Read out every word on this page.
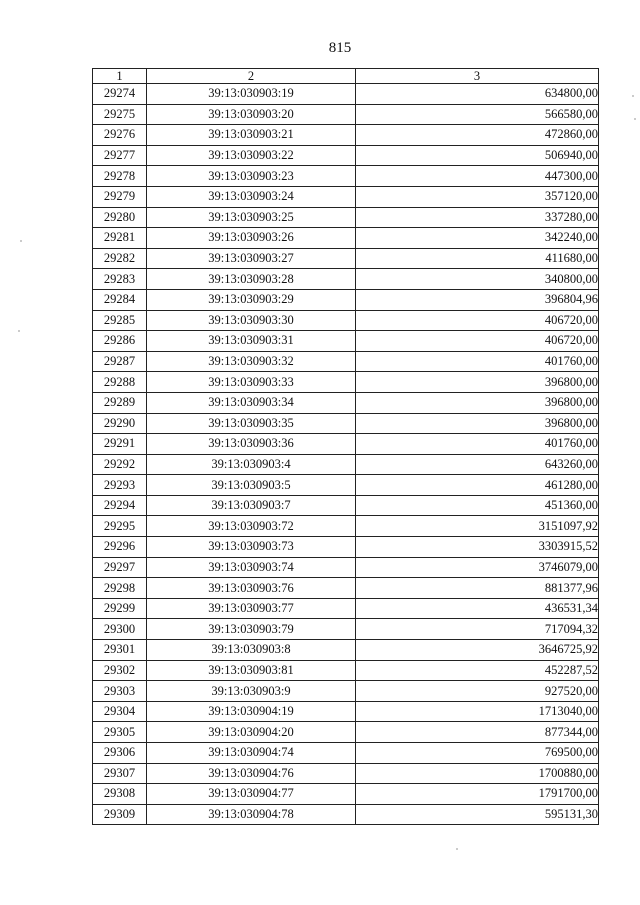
815
1	2	3
29274	39:13:030903:19	634800,00
29275	39:13:030903:20	566580,00
29276	39:13:030903:21	472860,00
29277	39:13:030903:22	506940,00
29278	39:13:030903:23	447300,00
29279	39:13:030903:24	357120,00
29280	39:13:030903:25	337280,00
29281	39:13:030903:26	342240,00
29282	39:13:030903:27	411680,00
29283	39:13:030903:28	340800,00
29284	39:13:030903:29	396804,96
29285	39:13:030903:30	406720,00
29286	39:13:030903:31	406720,00
29287	39:13:030903:32	401760,00
29288	39:13:030903:33	396800,00
29289	39:13:030903:34	396800,00
29290	39:13:030903:35	396800,00
29291	39:13:030903:36	401760,00
29292	39:13:030903:4	643260,00
29293	39:13:030903:5	461280,00
29294	39:13:030903:7	451360,00
29295	39:13:030903:72	3151097,92
29296	39:13:030903:73	3303915,52
29297	39:13:030903:74	3746079,00
29298	39:13:030903:76	881377,96
29299	39:13:030903:77	436531,34
29300	39:13:030903:79	717094,32
29301	39:13:030903:8	3646725,92
29302	39:13:030903:81	452287,52
29303	39:13:030903:9	927520,00
29304	39:13:030904:19	1713040,00
29305	39:13:030904:20	877344,00
29306	39:13:030904:74	769500,00
29307	39:13:030904:76	1700880,00
29308	39:13:030904:77	1791700,00
29309	39:13:030904:78	595131,30
